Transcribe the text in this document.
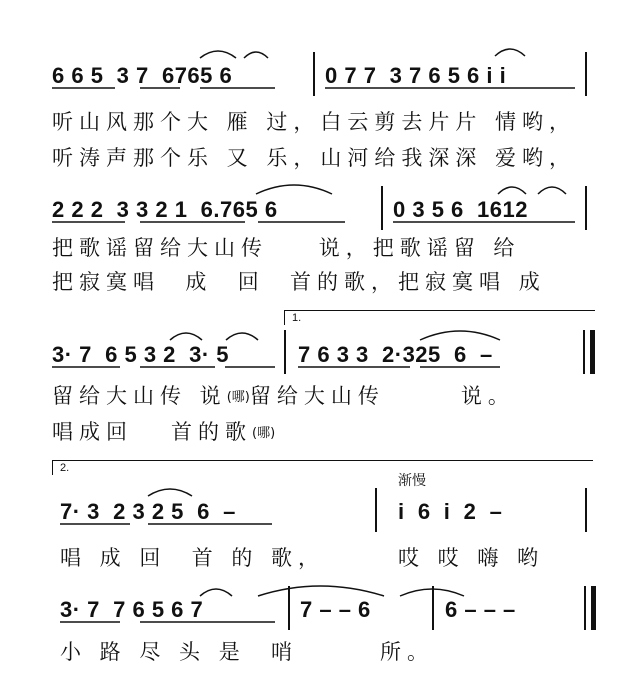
6 6 5  3 7  6765 6	0 7 7  3 7 6 5 6 i i
听山风那个大 雁 过，白云剪去片片 情哟，
听涛声那个乐 又 乐，山河给我深深 爱哟，
2 2 2  3 3 2 1  6.765 6	0 3 5 6  1612
把歌谣留给大山传    说，把歌谣留 给
把寂寞唱  成  回  首的歌，把寂寞唱 成
1.
3· 7  6 5 3 2  3· 5	7 6 3 3  2·325  6  –
留给大山传 说 (哪) 留给大山传      说。
唱成回   首的歌 (哪)
2.
渐慢
7· 3  2 3 2 5  6  –	i  6  i  2  –
唱 成 回  首 的 歌，	哎 哎 嗨 哟
3· 7  7 6 5 6 7	7 – – 6	6 – – –
小 路 尽 头 是  哨	所。
